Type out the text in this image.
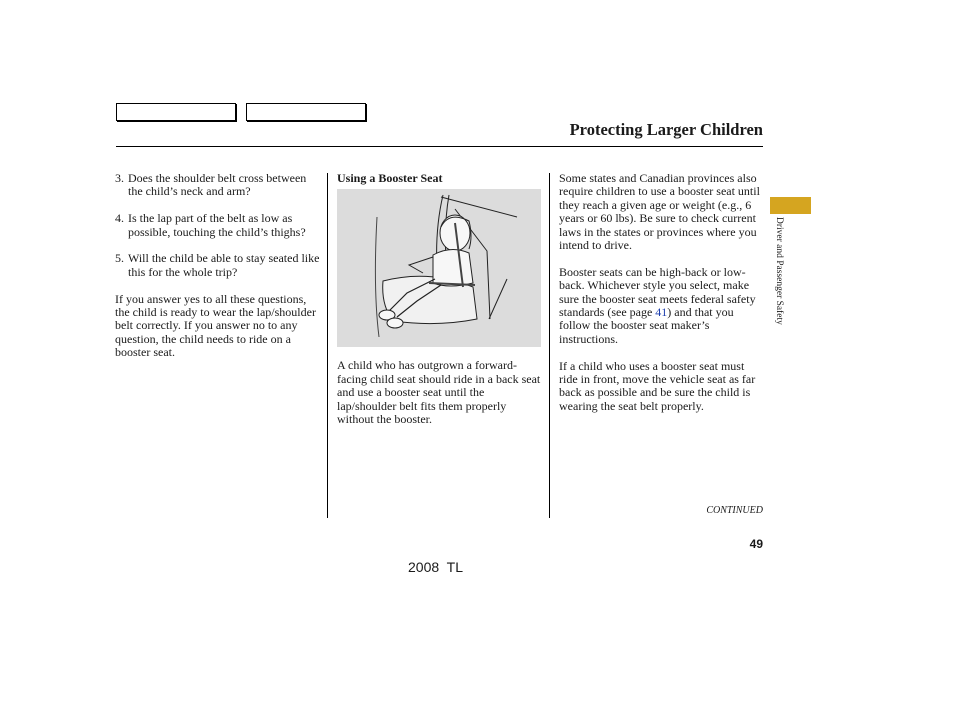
Protecting Larger Children
3. Does the shoulder belt cross between the child’s neck and arm?
4. Is the lap part of the belt as low as possible, touching the child’s thighs?
5. Will the child be able to stay seated like this for the whole trip?

If you answer yes to all these questions, the child is ready to wear the lap/shoulder belt correctly. If you answer no to any question, the child needs to ride on a booster seat.

Using a Booster Seat

A child who has outgrown a forward-facing child seat should ride in a back seat and use a booster seat until the lap/shoulder belt fits them properly without the booster.

Some states and Canadian provinces also require children to use a booster seat until they reach a given age or weight (e.g., 6 years or 60 lbs). Be sure to check current laws in the states or provinces where you intend to drive.

Booster seats can be high-back or low-back. Whichever style you select, make sure the booster seat meets federal safety standards (see page 41) and that you follow the booster seat maker’s instructions.

If a child who uses a booster seat must ride in front, move the vehicle seat as far back as possible and be sure the child is wearing the seat belt properly.

Driver and Passenger Safety
CONTINUED
49
2008  TL
